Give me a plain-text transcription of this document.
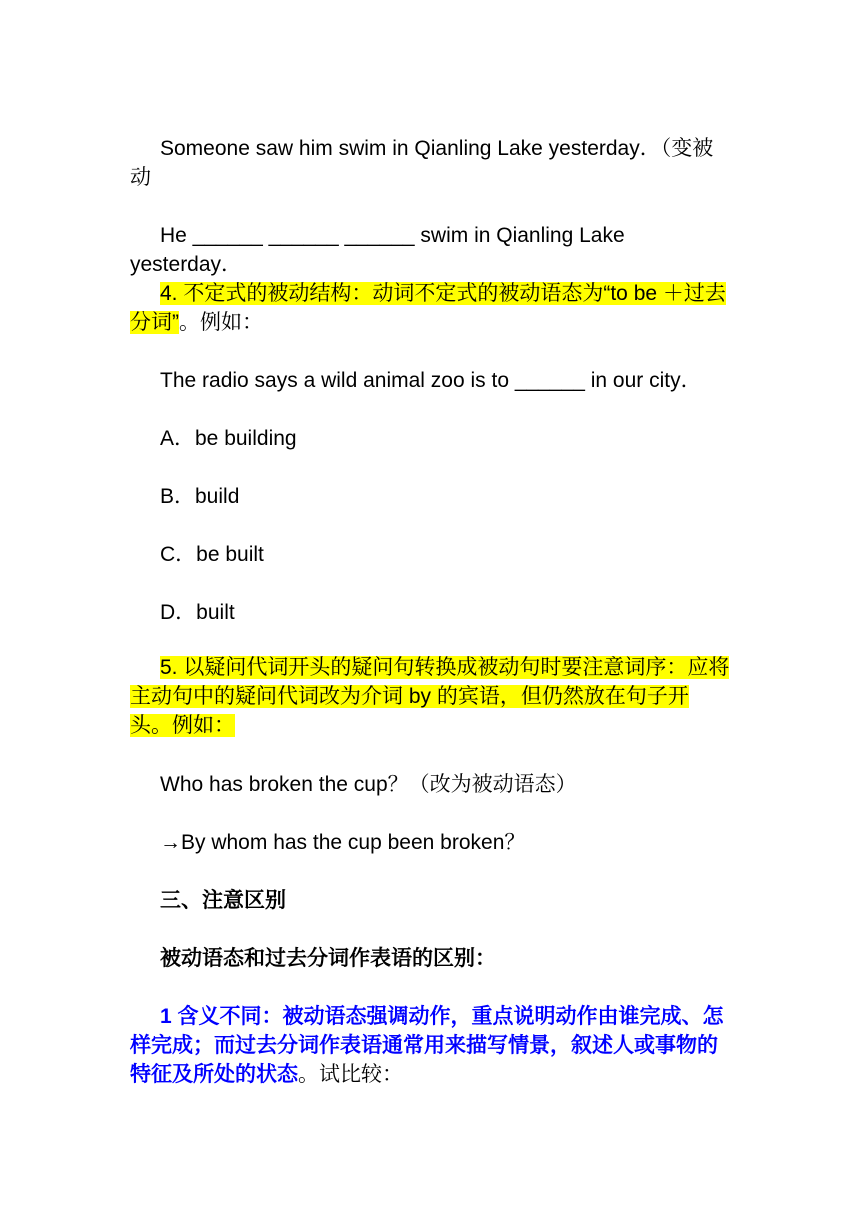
Someone saw him swim in Qianling Lake yesterday．（变被动

He ______ ______ ______ swim in Qianling Lake yesterday．

4. 不定式的被动结构：动词不定式的被动语态为“to be ＋过去分词”。例如：

The radio says a wild animal zoo is to ______ in our city．

A．be building

B．build

C．be built

D．built

5. 以疑问代词开头的疑问句转换成被动句时要注意词序：应将主动句中的疑问代词改为介词 by 的宾语，但仍然放在句子开头。例如：

Who has broken the cup？（改为被动语态）

→By whom has the cup been broken？

三、注意区别

被动语态和过去分词作表语的区别：

1 含义不同：被动语态强调动作，重点说明动作由谁完成、怎样完成；而过去分词作表语通常用来描写情景，叙述人或事物的特征及所处的状态。试比较：
